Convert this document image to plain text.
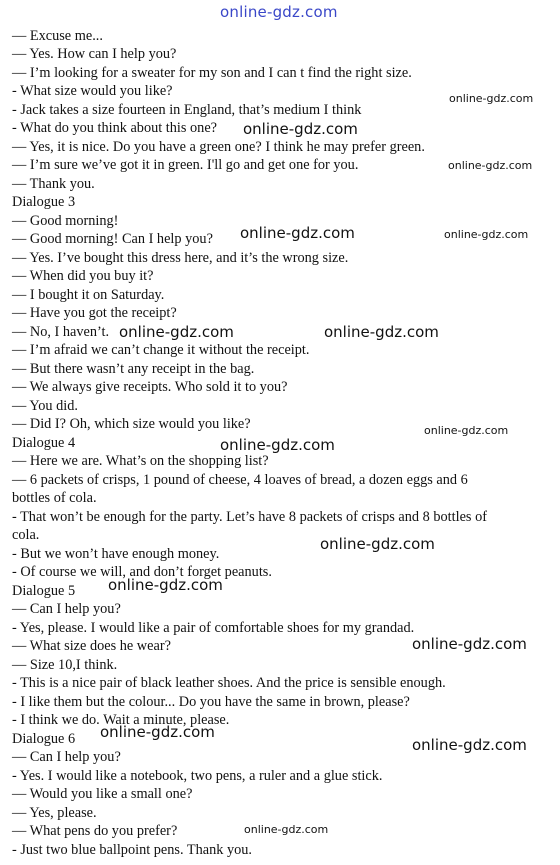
online-gdz.com

— Excuse me...

— Yes. How can I help you?

— I’m looking for a sweater for my son and I can t find the right size.

- What size would you like?

- Jack takes a size fourteen in England, that’s medium I think

- What do you think about this one?

— Yes, it is nice. Do you have a green one? I think he may prefer green.

— I’m sure we’ve got it in green. I'll go and get one for you.

— Thank you.

Dialogue 3

— Good morning!

— Good morning! Can I help you?

— Yes. I’ve bought this dress here, and it’s the wrong size.

— When did you buy it?

— I bought it on Saturday.

— Have you got the receipt?

— No, I haven’t.

— I’m afraid we can’t change it without the receipt.

— But there wasn’t any receipt in the bag.

— We always give receipts. Who sold it to you?

— You did.

— Did I? Oh, which size would you like?

Dialogue 4

— Here we are. What’s on the shopping list?

— 6 packets of crisps, 1 pound of cheese, 4 loaves of bread, a dozen eggs and 6

bottles of cola.

- That won’t be enough for the party. Let’s have 8 packets of crisps and 8 bottles of

cola.

- But we won’t have enough money.

- Of course we will, and don’t forget peanuts.

Dialogue 5

— Can I help you?

- Yes, please. I would like a pair of comfortable shoes for my grandad.

— What size does he wear?

— Size 10,I think.

- This is a nice pair of black leather shoes. And the price is sensible enough.

- I like them but the colour... Do you have the same in brown, please?

- I think we do. Wait a minute, please.

Dialogue 6

— Can I help you?

- Yes. I would like a notebook, two pens, a ruler and a glue stick.

— Would you like a small one?

— Yes, please.

— What pens do you prefer?

- Just two blue ballpoint pens. Thank you.

online-gdz.com
online-gdz.com
online-gdz.com
online-gdz.com	online-gdz.com
online-gdz.com	online-gdz.com
online-gdz.com
online-gdz.com
online-gdz.com
online-gdz.com
online-gdz.com
online-gdz.com
online-gdz.com
online-gdz.com
